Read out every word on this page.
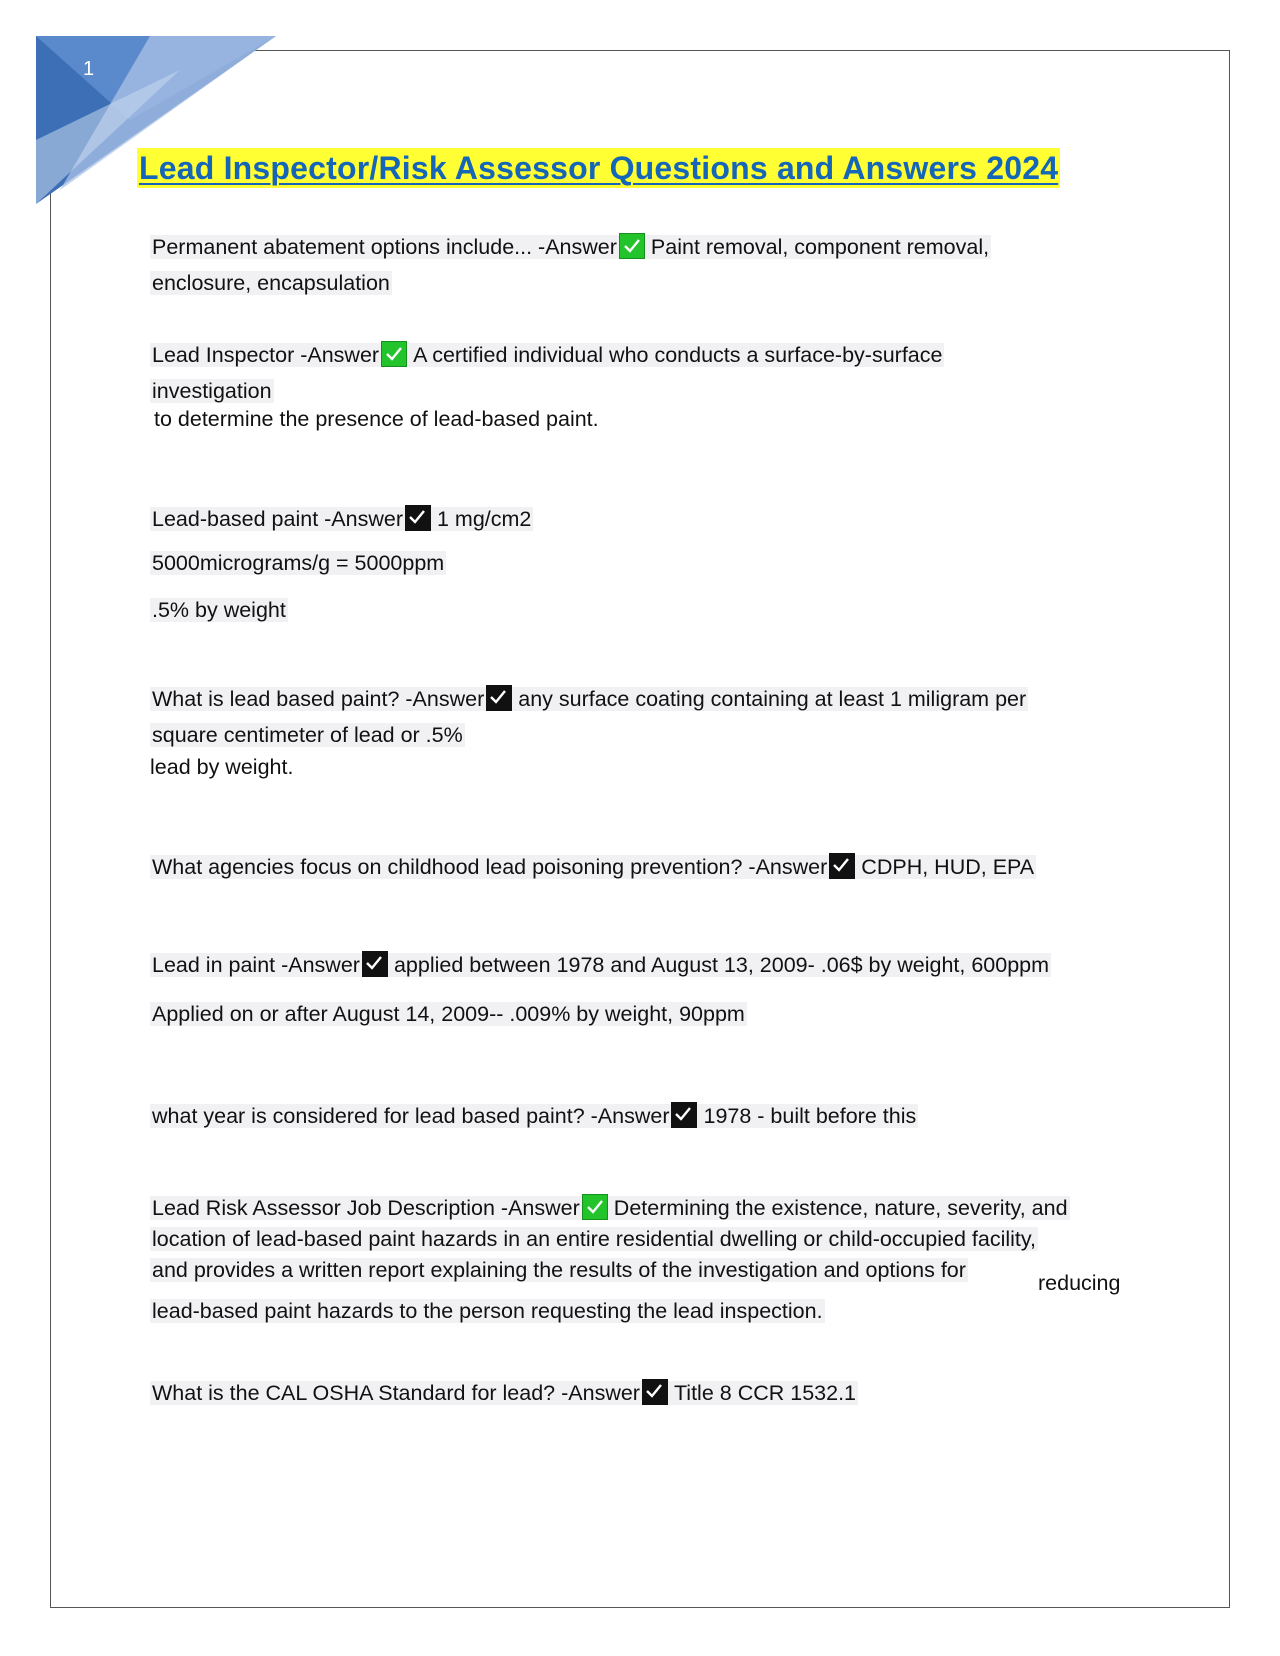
1
Lead Inspector/Risk Assessor Questions and Answers 2024
Permanent abatement options include... -Answer Paint removal, component removal,
enclosure, encapsulation
Lead Inspector -Answer A certified individual who conducts a surface-by-surface
investigation
to determine the presence of lead-based paint.
Lead-based paint -Answer 1 mg/cm2
5000micrograms/g = 5000ppm
.5% by weight
What is lead based paint? -Answer any surface coating containing at least 1 miligram per
square centimeter of lead or .5%
lead by weight.
What agencies focus on childhood lead poisoning prevention? -Answer CDPH, HUD, EPA
Lead in paint -Answer applied between 1978 and August 13, 2009- .06$ by weight, 600ppm
Applied on or after August 14, 2009-- .009% by weight, 90ppm
what year is considered for lead based paint? -Answer 1978 - built before this
Lead Risk Assessor Job Description -Answer Determining the existence, nature, severity, and
location of lead-based paint hazards in an entire residential dwelling or child-occupied facility,
and provides a written report explaining the results of the investigation and options for
reducing
lead-based paint hazards to the person requesting the lead inspection.
What is the CAL OSHA Standard for lead? -Answer Title 8 CCR 1532.1
